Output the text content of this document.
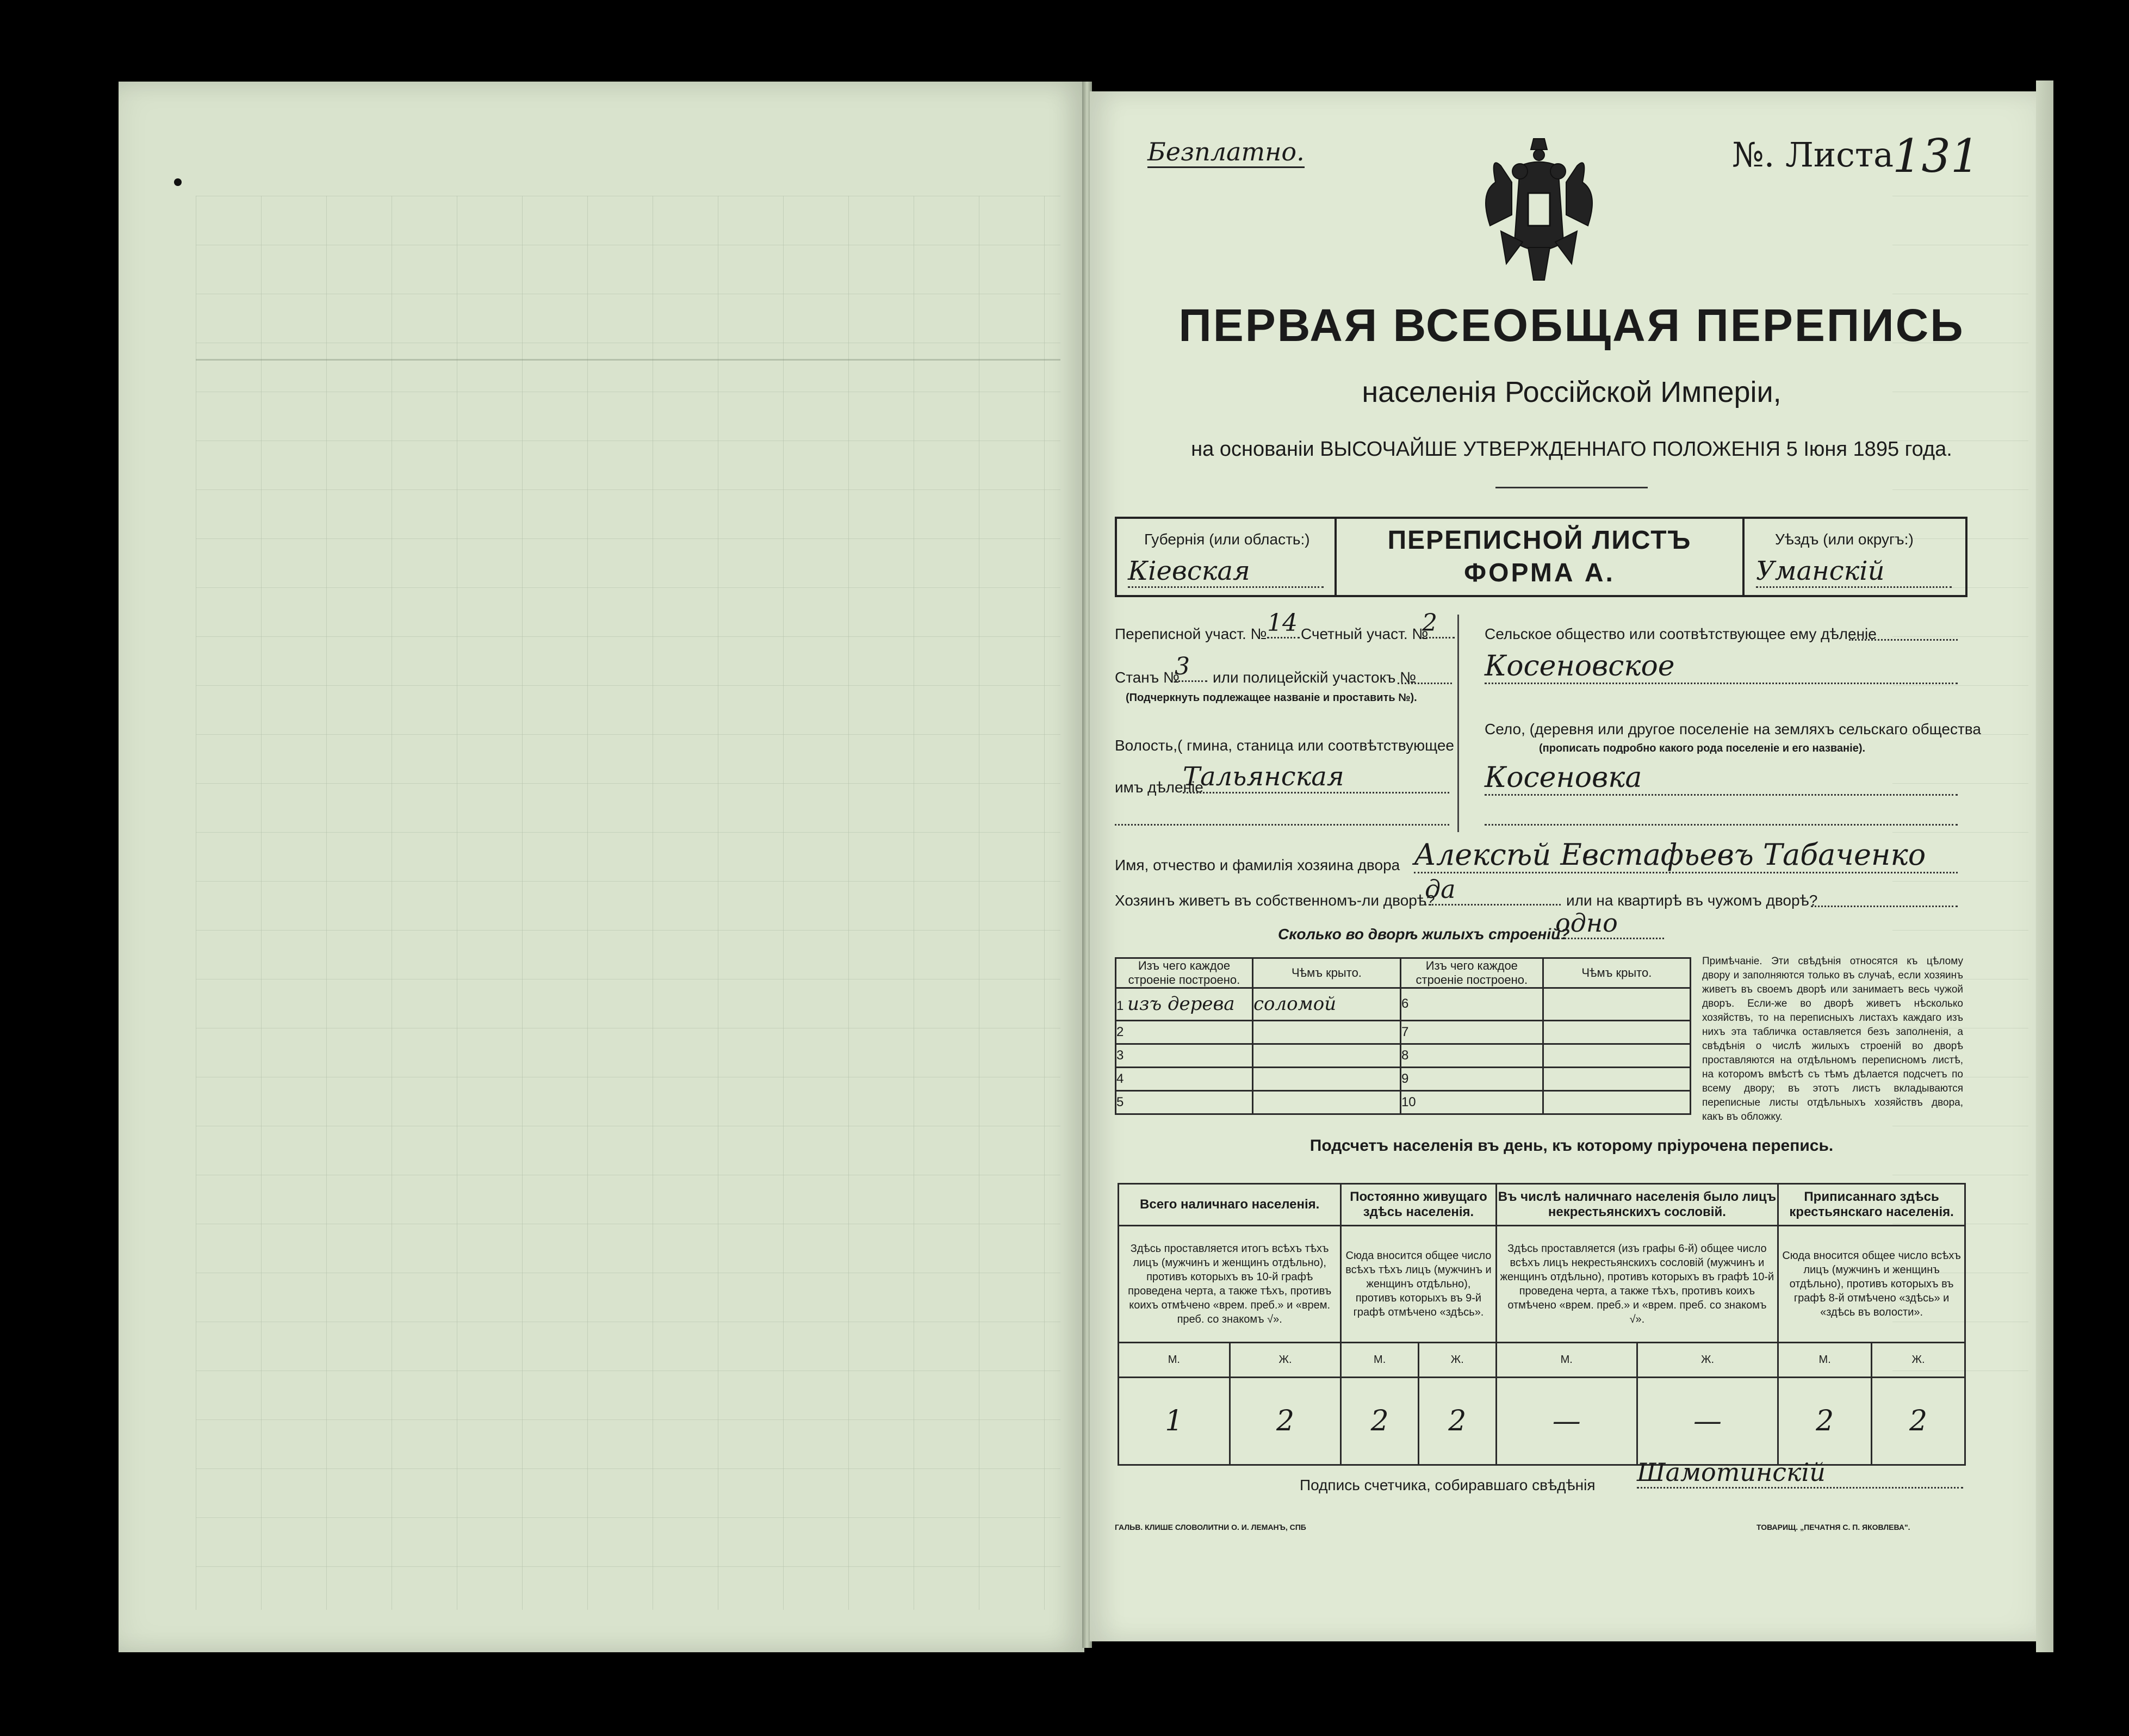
Безплатно.	№. Листа
131
ПЕРВАЯ ВСЕОБЩАЯ ПЕРЕПИСЬ
населенія Россійской Имперіи,
на основаніи ВЫСОЧАЙШЕ УТВЕРЖДЕННАГО ПОЛОЖЕНІЯ 5 Іюня 1895 года.
Губернія (или область:)
Кіевская
ПЕРЕПИСНОЙ ЛИСТЪ
ФОРМА А.
Уѣздъ (или округъ:)
Уманскій
Переписной участ. № 14 Счетный участ. №
2
Станъ №
3	или полицейскій участокъ №
(Подчеркнуть подлежащее названіе и проставить №).
Волость,( гмина, станица или соотвѣтствующее
имъ дѣленіе
Тальянская
Сельское общество или соотвѣтствующее ему дѣленіе
Косеновское
Село, (деревня или другое поселеніе на земляхъ сельскаго общества
(прописать подробно какого рода поселеніе и его названіе).
Косеновка
Имя, отчество и фамилія хозяина двора Алексѣй Евстафьевъ Табаченко
Хозяинъ живетъ въ собственномъ-ли дворѣ?
да	или на квартирѣ въ чужомъ дворѣ?
Сколько во дворѣ жилыхъ строеній?
одно
Изъ чего каждое строеніе построено.	Чѣмъ крыто.	Изъ чего каждое строеніе построено.	Чѣмъ крыто.
1 изъ дерева	соломой	6	
2		7	
3		8	
4		9	
5		10	
Примѣчаніе. Эти свѣдѣнія относятся къ цѣлому двору и заполняются только въ случаѣ, если хозяинъ живетъ въ своемъ дворѣ или занимаетъ весь чужой дворъ. Если-же во дворѣ живетъ нѣсколько хозяйствъ, то на переписныхъ листахъ каждаго изъ нихъ эта табличка оставляется безъ заполненія, а свѣдѣнія о числѣ жилыхъ строеній во дворѣ проставляются на отдѣльномъ переписномъ листѣ, на которомъ вмѣстѣ съ тѣмъ дѣлается подсчетъ по всему двору; въ этотъ листъ вкладываются переписные листы отдѣльныхъ хозяйствъ двора, какъ въ обложку.
Подсчетъ населенія въ день, къ которому пріурочена перепись.
Всего наличнаго населенія.		Постоянно живущаго здѣсь населенія.		Въ числѣ наличнаго населенія было лицъ некрестьянскихъ сословій.		Приписаннаго здѣсь крестьянскаго населенія.	
Здѣсь проставляется итогъ всѣхъ тѣхъ лицъ (мужчинъ и женщинъ отдѣльно), противъ которыхъ въ 10-й графѣ проведена черта, а также тѣхъ, противъ коихъ отмѣчено «врем. преб.» и «врем. преб. со знакомъ √».		Сюда вносится общее число всѣхъ тѣхъ лицъ (мужчинъ и женщинъ отдѣльно), противъ которыхъ въ 9-й графѣ отмѣчено «здѣсь».		Здѣсь проставляется (изъ графы 6-й) общее число всѣхъ лицъ некрестьянскихъ сословій (мужчинъ и женщинъ отдѣльно), противъ которыхъ въ графѣ 10-й проведена черта, а также тѣхъ, противъ коихъ отмѣчено «врем. преб.» и «врем. преб. со знакомъ √».		Сюда вносится общее число всѣхъ лицъ (мужчинъ и женщинъ отдѣльно), противъ которыхъ въ графѣ 8-й отмѣчено «здѣсь» и «здѣсь въ волости».	
М.	Ж.	М.	Ж.	М.	Ж.	М.	Ж.
1	2	2	2	—	—	2	2
Подпись счетчика, собиравшаго свѣдѣнія Шамотинскій
ГАЛЬВ. КЛИШЕ СЛОВОЛИТНИ О. И. ЛЕМАНЪ, СПБ	ТОВАРИЩ. „ПЕЧАТНЯ С. П. ЯКОВЛЕВА".
